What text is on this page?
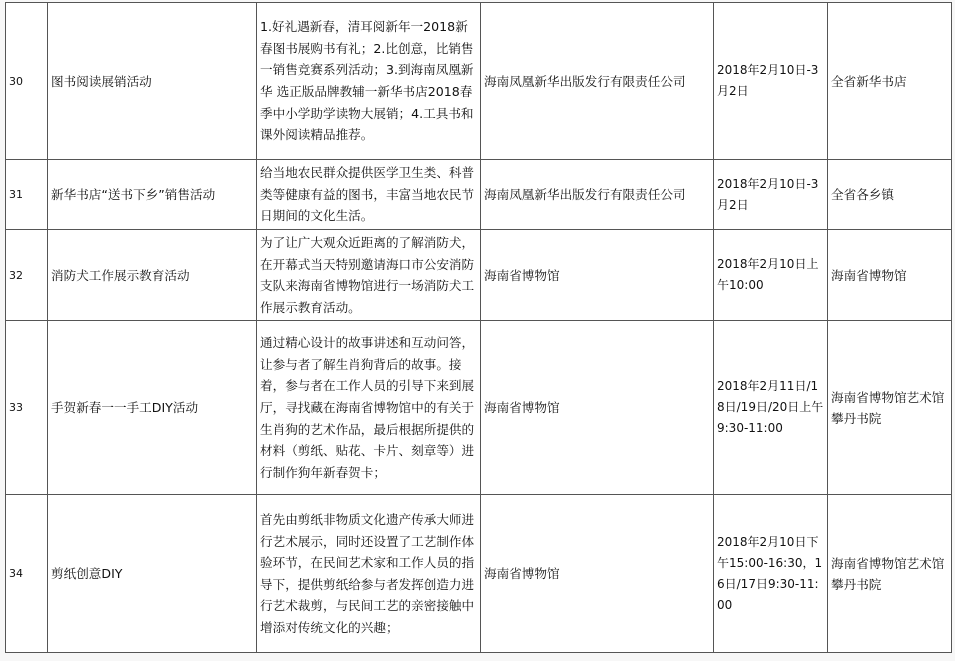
30	图书阅读展销活动	1.好礼遇新春，清耳阅新年一2018新春图书展购书有礼；2.比创意，比销售一销售竞赛系列活动；3.到海南凤凰新华 选正版品牌教辅一新华书店2018春季中小学助学读物大展销；4.工具书和课外阅读精品推荐。	海南凤凰新华出版发行有限责任公司	2018年2月10日-3月2日	全省新华书店
31	新华书店“送书下乡”销售活动	给当地农民群众提供医学卫生类、科普类等健康有益的图书，丰富当地农民节日期间的文化生活。	海南凤凰新华出版发行有限责任公司	2018年2月10日-3月2日	全省各乡镇
32	消防犬工作展示教育活动	为了让广大观众近距离的了解消防犬，在开幕式当天特别邀请海口市公安消防支队来海南省博物馆进行一场消防犬工作展示教育活动。	海南省博物馆	2018年2月10日上午10:00	海南省博物馆
33	手贺新春一一手工DIY活动	通过精心设计的故事讲述和互动问答，让参与者了解生肖狗背后的故事。接着，参与者在工作人员的引导下来到展厅，寻找藏在海南省博物馆中的有关于生肖狗的艺术作品，最后根据所提供的材料（剪纸、贴花、卡片、刻章等）进行制作狗年新春贺卡；	海南省博物馆	2018年2月11日/18日/19日/20日上午9:30-11:00	海南省博物馆艺术馆攀丹书院
34	剪纸创意DIY	首先由剪纸非物质文化遗产传承大师进行艺术展示，同时还设置了工艺制作体验环节，在民间艺术家和工作人员的指导下，提供剪纸给参与者发挥创造力进行艺术裁剪，与民间工艺的亲密接触中增添对传统文化的兴趣；	海南省博物馆	2018年2月10日下午15:00-16:30，16日/17日9:30-11:00	海南省博物馆艺术馆攀丹书院
